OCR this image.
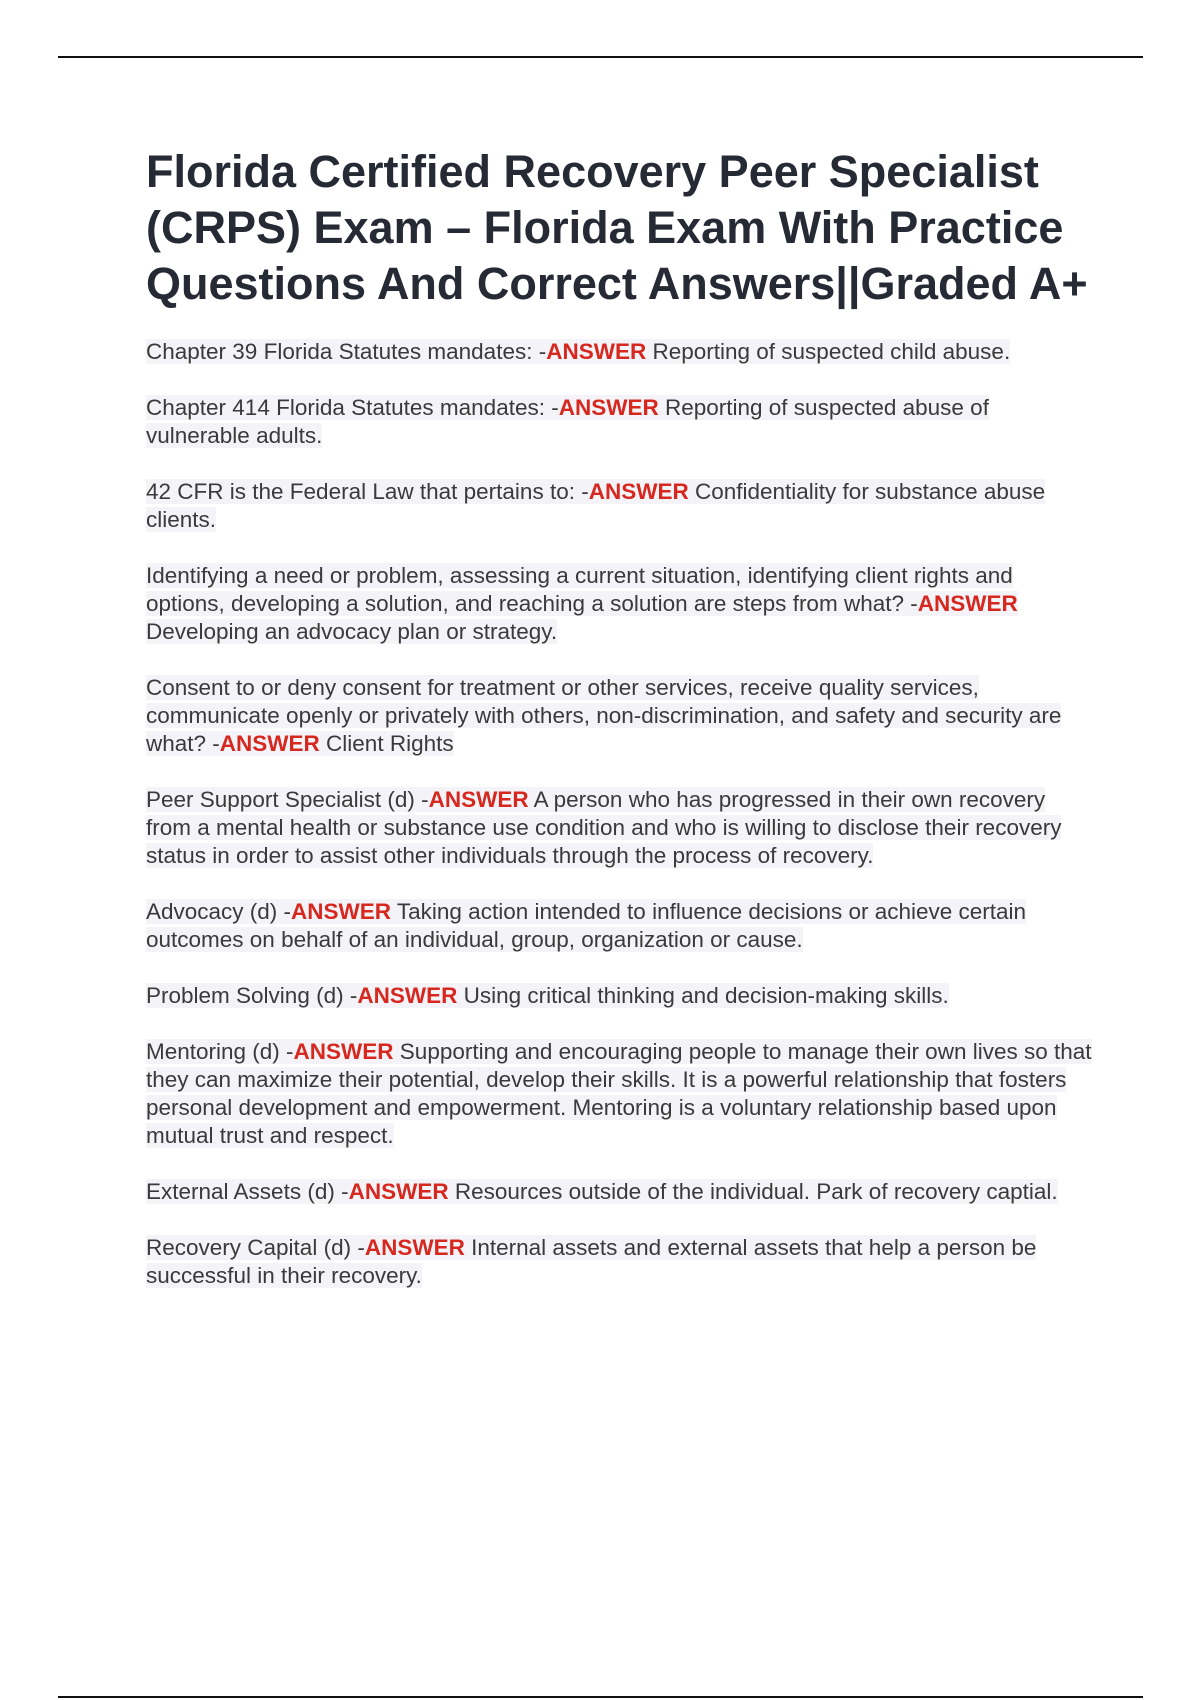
Florida Certified Recovery Peer Specialist (CRPS) Exam – Florida Exam With Practice Questions And Correct Answers||Graded A+

Chapter 39 Florida Statutes mandates: -ANSWER Reporting of suspected child abuse.

Chapter 414 Florida Statutes mandates: -ANSWER Reporting of suspected abuse of vulnerable adults.

42 CFR is the Federal Law that pertains to: -ANSWER Confidentiality for substance abuse clients.

Identifying a need or problem, assessing a current situation, identifying client rights and options, developing a solution, and reaching a solution are steps from what? -ANSWER Developing an advocacy plan or strategy.

Consent to or deny consent for treatment or other services, receive quality services, communicate openly or privately with others, non-discrimination, and safety and security are what? -ANSWER Client Rights

Peer Support Specialist (d) -ANSWER A person who has progressed in their own recovery from a mental health or substance use condition and who is willing to disclose their recovery status in order to assist other individuals through the process of recovery.

Advocacy (d) -ANSWER Taking action intended to influence decisions or achieve certain outcomes on behalf of an individual, group, organization or cause.

Problem Solving (d) -ANSWER Using critical thinking and decision-making skills.

Mentoring (d) -ANSWER Supporting and encouraging people to manage their own lives so that they can maximize their potential, develop their skills. It is a powerful relationship that fosters personal development and empowerment. Mentoring is a voluntary relationship based upon mutual trust and respect.

External Assets (d) -ANSWER Resources outside of the individual. Park of recovery captial.

Recovery Capital (d) -ANSWER Internal assets and external assets that help a person be successful in their recovery.
